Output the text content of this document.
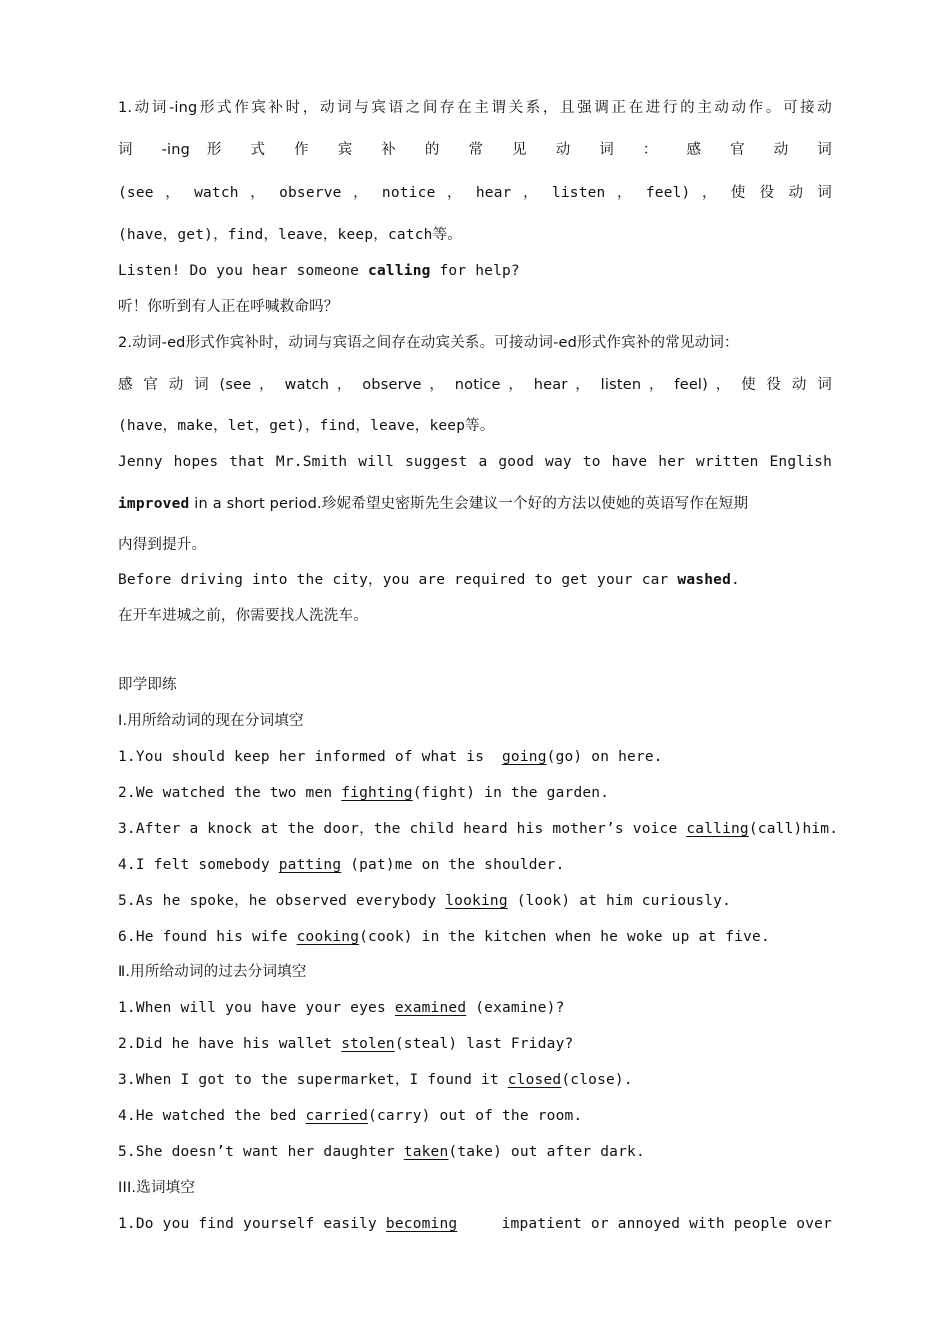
1.动词-ing形式作宾补时，动词与宾语之间存在主谓关系，且强调正在进行的主动动作。可接动
词 -ing 形 式 作 宾 补 的 常 见 动 词 ： 感 官 动 词
(see ， watch ， observe ， notice ， hear ， listen ， feel) ， 使 役 动 词
(have，get)，find，leave，keep，catch等。
Listen! Do you hear someone calling for help?
听！你听到有人正在呼喊救命吗？
2.动词-ed形式作宾补时，动词与宾语之间存在动宾关系。可接动词-ed形式作宾补的常见动词：
感 官 动 词 (see ， watch ， observe ， notice ， hear ， listen ， feel) ， 使 役 动 词
(have，make，let，get)，find，leave，keep等。
Jenny hopes that Mr.Smith will suggest a good way to have her written English
improved in a short period.珍妮希望史密斯先生会建议一个好的方法以使她的英语写作在短期
内得到提升。
Before driving into the city，you are required to get your car washed.
在开车进城之前，你需要找人洗洗车。
即学即练
Ⅰ.用所给动词的现在分词填空
1.You should keep her informed of what is  going(go) on here.
2.We watched the two men fighting(fight) in the garden.
3.After a knock at the door，the child heard his mother’s voice calling(call)him.
4.I felt somebody patting (pat)me on the shoulder.
5.As he spoke，he observed everybody looking (look) at him curiously.
6.He found his wife cooking(cook) in the kitchen when he woke up at five.
Ⅱ.用所给动词的过去分词填空
1.When will you have your eyes examined (examine)?
2.Did he have his wallet stolen(steal) last Friday?
3.When I got to the supermarket，I found it closed(close).
4.He watched the bed carried(carry) out of the room.
5.She doesn’t want her daughter taken(take) out after dark.
III.选词填空
1.Do you find yourself easily becoming impatient or annoyed with people over
